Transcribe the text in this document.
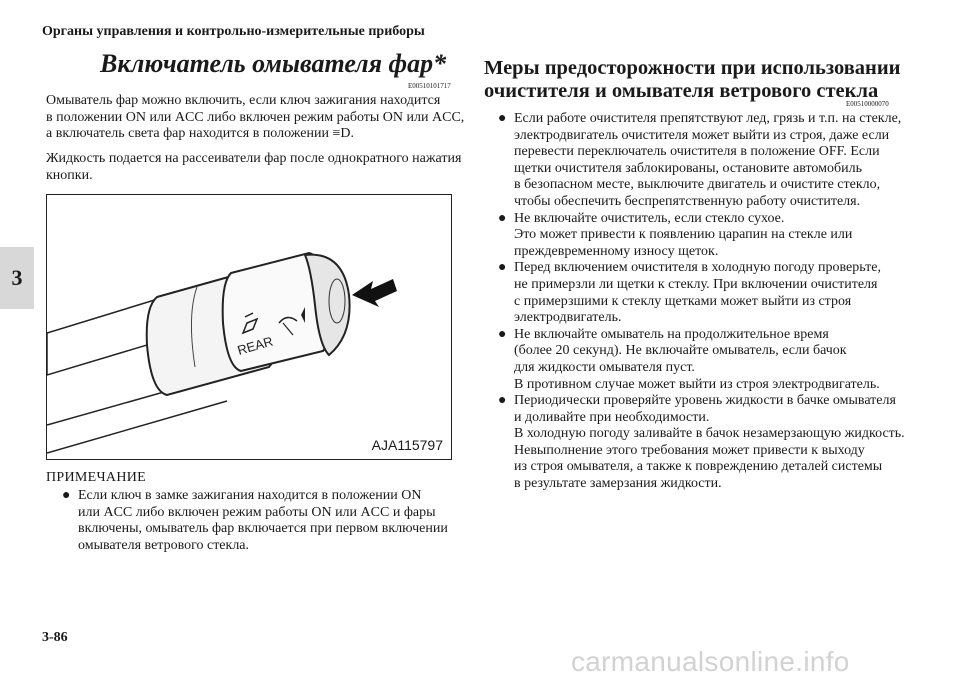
Органы управления и контрольно-измерительные приборы
3
Включатель омывателя фар*
E00510101717
Омыватель фар можно включить, если ключ зажигания находится
в положении ON или ACC либо включен режим работы ON или ACC,
а включатель света фар находится в положении ≡D.
Жидкость подается на рассеиватели фар после однократного нажатия
кнопки.
REAR
AJA115797
ПРИМЕЧАНИЕ
● Если ключ в замке зажигания находится в положении ON
или ACC либо включен режим работы ON или ACC и фары
включены, омыватель фар включается при первом включении
омывателя ветрового стекла.
Меры предосторожности при использовании
очистителя и омывателя ветрового стекла
E00510000070
● Если работе очистителя препятствуют лед, грязь и т.п. на стекле,
электродвигатель очистителя может выйти из строя, даже если
перевести переключатель очистителя в положение OFF. Если
щетки очистителя заблокированы, остановите автомобиль
в безопасном месте, выключите двигатель и очистите стекло,
чтобы обеспечить беспрепятственную работу очистителя.
● Не включайте очиститель, если стекло сухое.
Это может привести к появлению царапин на стекле или
преждевременному износу щеток.
● Перед включением очистителя в холодную погоду проверьте,
не примерзли ли щетки к стеклу. При включении очистителя
с примерзшими к стеклу щетками может выйти из строя
электродвигатель.
● Не включайте омыватель на продолжительное время
(более 20 секунд). Не включайте омыватель, если бачок
для жидкости омывателя пуст.
В противном случае может выйти из строя электродвигатель.
● Периодически проверяйте уровень жидкости в бачке омывателя
и доливайте при необходимости.
В холодную погоду заливайте в бачок незамерзающую жидкость.
Невыполнение этого требования может привести к выходу
из строя омывателя, а также к повреждению деталей системы
в результате замерзания жидкости.
3-86
carmanualsonline.info
